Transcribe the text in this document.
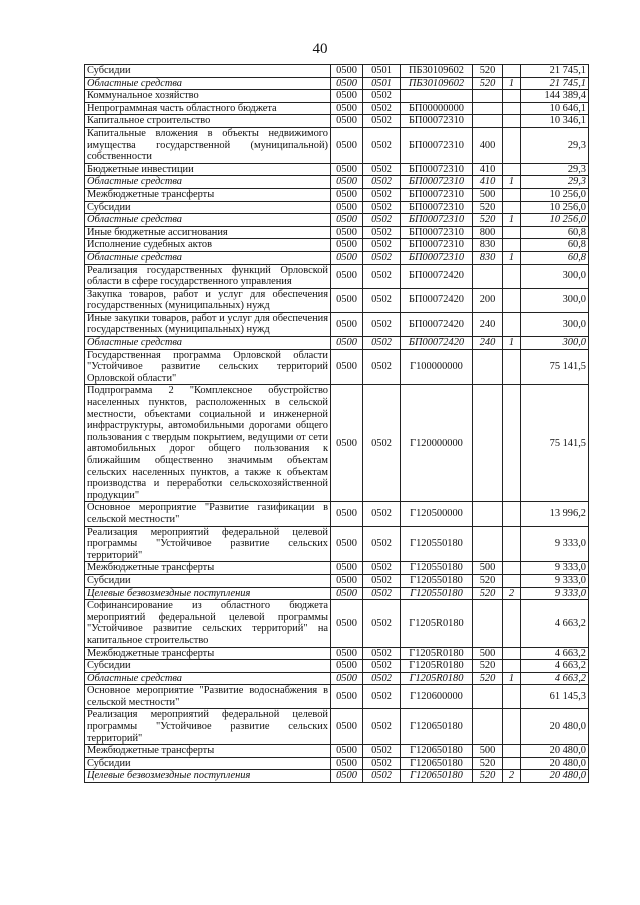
40
Субсидии	0500	0501	ПБ30109602	520		21 745,1
Областные средства	0500	0501	ПБ30109602	520	1	21 745,1
Коммунальное хозяйство	0500	0502				144 389,4
Непрограммная часть областного бюджета	0500	0502	БП00000000			10 646,1
Капитальное строительство	0500	0502	БП00072310			10 346,1
Капитальные вложения в объекты недвижимого имущества государственной (муниципальной) собственности	0500	0502	БП00072310	400		29,3
Бюджетные инвестиции	0500	0502	БП00072310	410		29,3
Областные средства	0500	0502	БП00072310	410	1	29,3
Межбюджетные трансферты	0500	0502	БП00072310	500		10 256,0
Субсидии	0500	0502	БП00072310	520		10 256,0
Областные средства	0500	0502	БП00072310	520	1	10 256,0
Иные бюджетные ассигнования	0500	0502	БП00072310	800		60,8
Исполнение судебных актов	0500	0502	БП00072310	830		60,8
Областные средства	0500	0502	БП00072310	830	1	60,8
Реализация государственных функций Орловской области в сфере государственного управления	0500	0502	БП00072420			300,0
Закупка товаров, работ и услуг для обеспечения государственных (муниципальных) нужд	0500	0502	БП00072420	200		300,0
Иные закупки товаров, работ и услуг для обеспечения государственных (муниципальных) нужд	0500	0502	БП00072420	240		300,0
Областные средства	0500	0502	БП00072420	240	1	300,0
Государственная программа Орловской области "Устойчивое развитие сельских территорий Орловской области"	0500	0502	Г100000000			75 141,5
Подпрограмма 2 "Комплексное обустройство населенных пунктов, расположенных в сельской местности, объектами социальной и инженерной инфраструктуры, автомобильными дорогами общего пользования с твердым покрытием, ведущими от сети автомобильных дорог общего пользования к ближайшим общественно значимым объектам сельских населенных пунктов, а также к объектам производства и переработки сельскохозяйственной продукции"	0500	0502	Г120000000			75 141,5
Основное мероприятие "Развитие газификации в сельской местности"	0500	0502	Г120500000			13 996,2
Реализация мероприятий федеральной целевой программы "Устойчивое развитие сельских территорий"	0500	0502	Г120550180			9 333,0
Межбюджетные трансферты	0500	0502	Г120550180	500		9 333,0
Субсидии	0500	0502	Г120550180	520		9 333,0
Целевые безвозмездные поступления	0500	0502	Г120550180	520	2	9 333,0
Софинансирование из областного бюджета мероприятий федеральной целевой программы "Устойчивое развитие сельских территорий" на капитальное строительство	0500	0502	Г1205R0180			4 663,2
Межбюджетные трансферты	0500	0502	Г1205R0180	500		4 663,2
Субсидии	0500	0502	Г1205R0180	520		4 663,2
Областные средства	0500	0502	Г1205R0180	520	1	4 663,2
Основное мероприятие "Развитие водоснабжения в сельской местности"	0500	0502	Г120600000			61 145,3
Реализация мероприятий федеральной целевой программы "Устойчивое развитие сельских территорий"	0500	0502	Г120650180			20 480,0
Межбюджетные трансферты	0500	0502	Г120650180	500		20 480,0
Субсидии	0500	0502	Г120650180	520		20 480,0
Целевые безвозмездные поступления	0500	0502	Г120650180	520	2	20 480,0
